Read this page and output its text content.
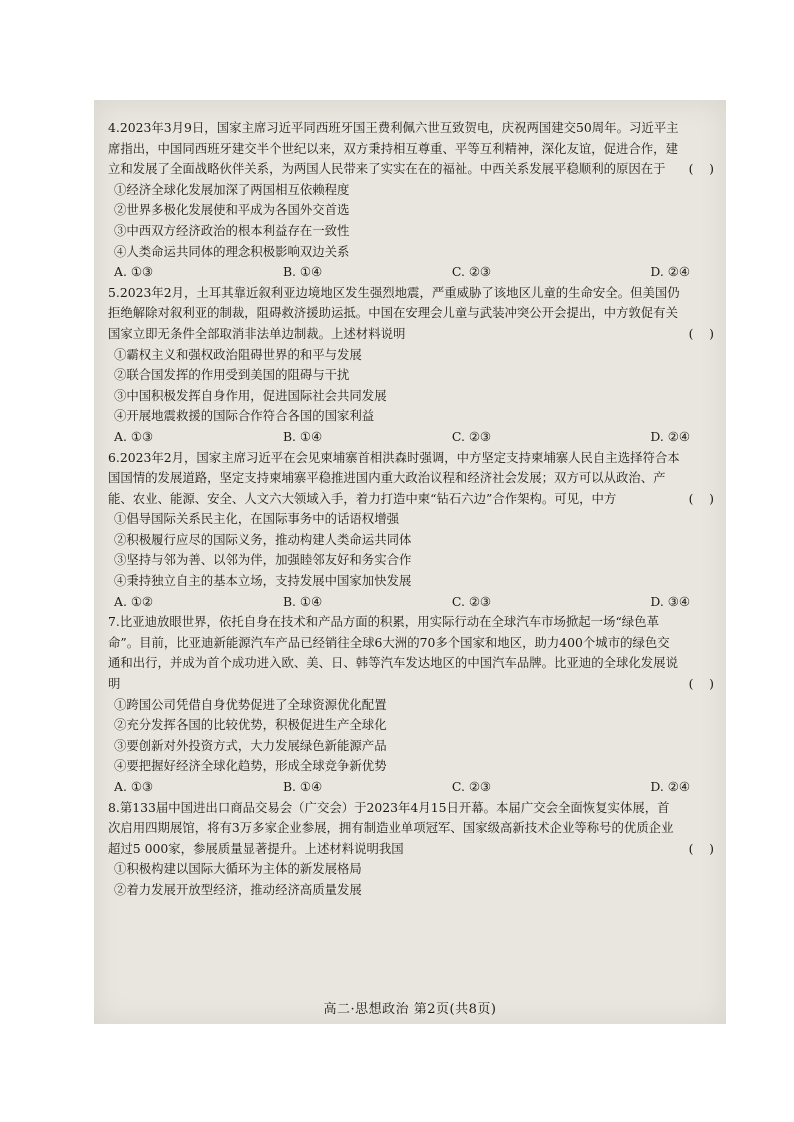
4.2023年3月9日，国家主席习近平同西班牙国王费利佩六世互致贺电，庆祝两国建交50周年。习近平主席指出，中国同西班牙建交半个世纪以来，双方秉持相互尊重、平等互利精神，深化友谊，促进合作，建立和发展了全面战略伙伴关系，为两国人民带来了实实在在的福祉。中西关系发展平稳顺利的原因在于	(    )

①经济全球化发展加深了两国相互依赖程度

②世界多极化发展使和平成为各国外交首选

③中西双方经济政治的根本利益存在一致性

④人类命运共同体的理念积极影响双边关系

A. ①③	B. ①④	C. ②③	D. ②④

5.2023年2月，土耳其靠近叙利亚边境地区发生强烈地震，严重威胁了该地区儿童的生命安全。但美国仍拒绝解除对叙利亚的制裁，阻碍救济援助运抵。中国在安理会儿童与武装冲突公开会提出，中方敦促有关国家立即无条件全部取消非法单边制裁。上述材料说明	(    )

①霸权主义和强权政治阻碍世界的和平与发展

②联合国发挥的作用受到美国的阻碍与干扰

③中国积极发挥自身作用，促进国际社会共同发展

④开展地震救援的国际合作符合各国的国家利益

A. ①③	B. ①④	C. ②③	D. ②④

6.2023年2月，国家主席习近平在会见柬埔寨首相洪森时强调，中方坚定支持柬埔寨人民自主选择符合本国国情的发展道路，坚定支持柬埔寨平稳推进国内重大政治议程和经济社会发展；双方可以从政治、产能、农业、能源、安全、人文六大领域入手，着力打造中柬“钻石六边”合作架构。可见，中方	(    )

①倡导国际关系民主化，在国际事务中的话语权增强

②积极履行应尽的国际义务，推动构建人类命运共同体

③坚持与邻为善、以邻为伴，加强睦邻友好和务实合作

④秉持独立自主的基本立场，支持发展中国家加快发展

A. ①②	B. ①④	C. ②③	D. ③④

7.比亚迪放眼世界，依托自身在技术和产品方面的积累，用实际行动在全球汽车市场掀起一场“绿色革命”。目前，比亚迪新能源汽车产品已经销往全球6大洲的70多个国家和地区，助力400个城市的绿色交通和出行，并成为首个成功进入欧、美、日、韩等汽车发达地区的中国汽车品牌。比亚迪的全球化发展说明	(    )

①跨国公司凭借自身优势促进了全球资源优化配置

②充分发挥各国的比较优势，积极促进生产全球化

③要创新对外投资方式，大力发展绿色新能源产品

④要把握好经济全球化趋势，形成全球竞争新优势

A. ①③	B. ①④	C. ②③	D. ②④

8.第133届中国进出口商品交易会（广交会）于2023年4月15日开幕。本届广交会全面恢复实体展，首次启用四期展馆，将有3万多家企业参展，拥有制造业单项冠军、国家级高新技术企业等称号的优质企业超过5 000家，参展质量显著提升。上述材料说明我国	(    )

①积极构建以国际大循环为主体的新发展格局

②着力发展开放型经济，推动经济高质量发展

高二·思想政治 第2页(共8页)
